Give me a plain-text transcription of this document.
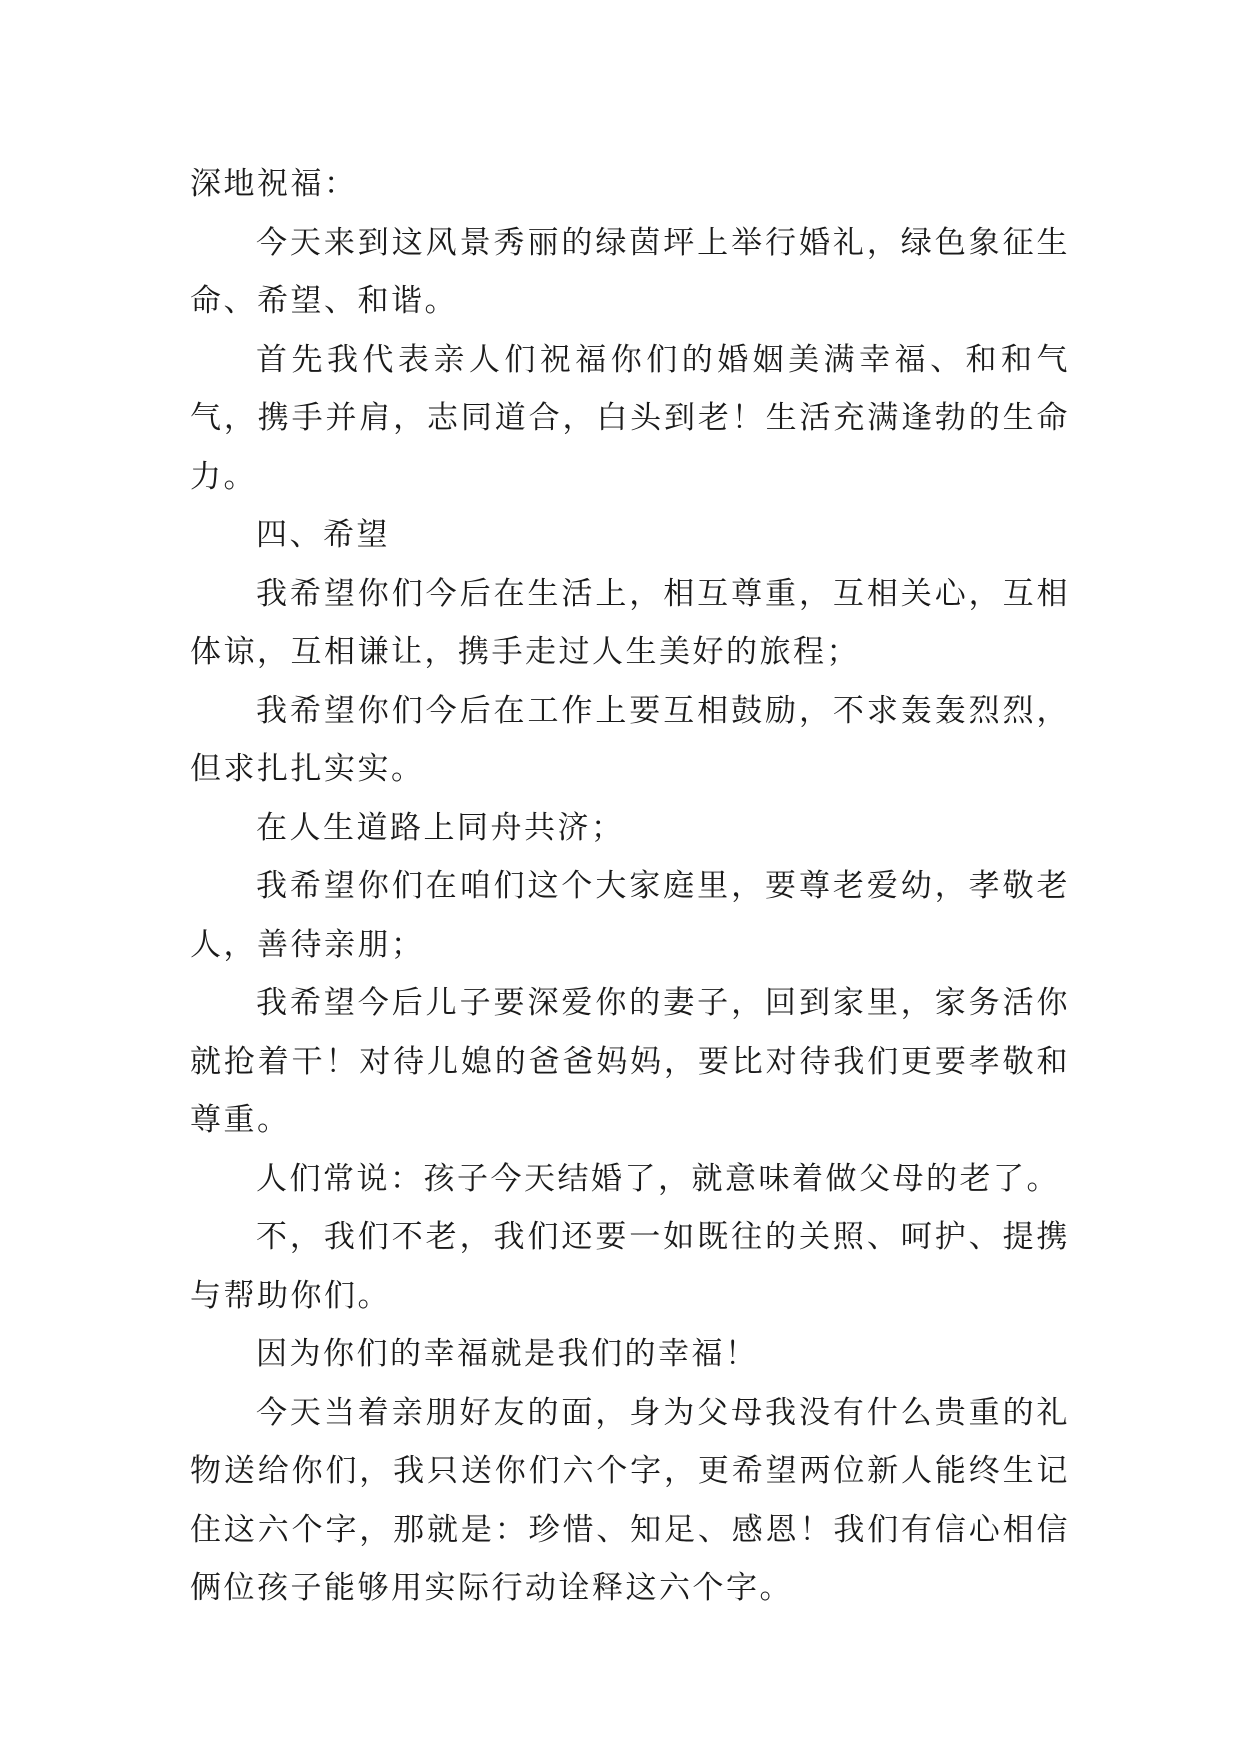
深地祝福：

今天来到这风景秀丽的绿茵坪上举行婚礼，绿色象征生命、希望、和谐。

首先我代表亲人们祝福你们的婚姻美满幸福、和和气气，携手并肩，志同道合，白头到老！生活充满逢勃的生命力。

四、希望

我希望你们今后在生活上，相互尊重，互相关心，互相体谅，互相谦让，携手走过人生美好的旅程；

我希望你们今后在工作上要互相鼓励，不求轰轰烈烈，但求扎扎实实。

在人生道路上同舟共济；

我希望你们在咱们这个大家庭里，要尊老爱幼，孝敬老人，善待亲朋；

我希望今后儿子要深爱你的妻子，回到家里，家务活你就抢着干！对待儿媳的爸爸妈妈，要比对待我们更要孝敬和尊重。

人们常说：孩子今天结婚了，就意味着做父母的老了。

不，我们不老，我们还要一如既往的关照、呵护、提携与帮助你们。

因为你们的幸福就是我们的幸福！

今天当着亲朋好友的面，身为父母我没有什么贵重的礼物送给你们，我只送你们六个字，更希望两位新人能终生记住这六个字，那就是：珍惜、知足、感恩！我们有信心相信俩位孩子能够用实际行动诠释这六个字。
